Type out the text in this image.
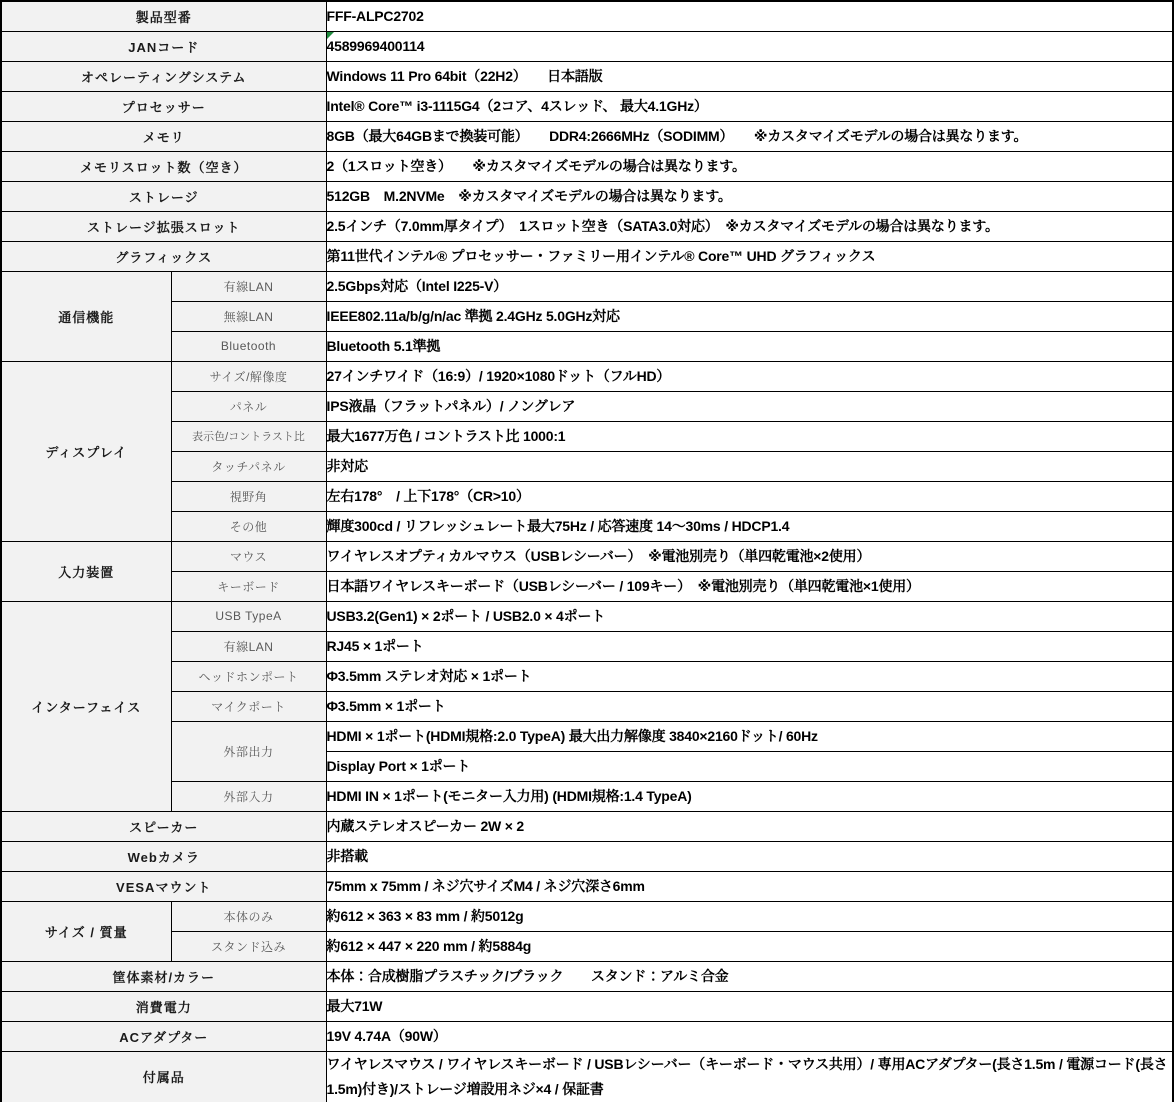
製品型番		FFF-ALPC2702
JANコード		4589969400114
オペレーティングシステム		Windows 11 Pro 64bit（22H2）　　日本語版
プロセッサー		Intel® Core™ i3-1115G4（2コア、4スレッド、 最大4.1GHz）
メモリ		8GB（最大64GBまで換装可能）　　DDR4:2666MHz（SODIMM）　　※カスタマイズモデルの場合は異なります。
メモリスロット数（空き）		2（1スロット空き）　　※カスタマイズモデルの場合は異なります。
ストレージ		512GB　M.2NVMe　※カスタマイズモデルの場合は異なります。
ストレージ拡張スロット		2.5インチ（7.0mm厚タイプ）　1スロット空き（SATA3.0対応）　※カスタマイズモデルの場合は異なります。
グラフィックス		第11世代インテル® プロセッサー・ファミリー用インテル® Core™ UHD グラフィックス
通信機能	有線LAN	2.5Gbps対応（Intel I225-V）
	無線LAN	IEEE802.11a/b/g/n/ac 準拠 2.4GHz 5.0GHz対応
	Bluetooth	Bluetooth 5.1準拠
ディスプレイ	サイズ/解像度	27インチワイド（16:9）/ 1920×1080ドット（フルHD）
	パネル	IPS液晶（フラットパネル）/ ノングレア
	表示色/コントラスト比	最大1677万色 / コントラスト比 1000:1
	タッチパネル	非対応
	視野角	左右178°　/ 上下178°（CR>10）
	その他	輝度300cd / リフレッシュレート最大75Hz / 応答速度 14～30ms / HDCP1.4
入力装置	マウス	ワイヤレスオプティカルマウス（USBレシーバー）　※電池別売り（単四乾電池×2使用）
	キーボード	日本語ワイヤレスキーボード（USBレシーバー / 109キー）　※電池別売り（単四乾電池×1使用）
インターフェイス	USB TypeA	USB3.2(Gen1) × 2ポート / USB2.0 × 4ポート
	有線LAN	RJ45 × 1ポート
	ヘッドホンポート	Φ3.5mm ステレオ対応 × 1ポート
	マイクポート	Φ3.5mm × 1ポート
	外部出力	HDMI × 1ポート(HDMI規格:2.0 TypeA) 最大出力解像度 3840×2160ドット/ 60Hz
		Display Port × 1ポート
	外部入力	HDMI IN × 1ポート(モニター入力用) (HDMI規格:1.4 TypeA)
スピーカー		内蔵ステレオスピーカー 2W × 2
Webカメラ		非搭載
VESAマウント		75mm x 75mm / ネジ穴サイズM4 / ネジ穴深さ6mm
サイズ / 質量	本体のみ	約612 × 363 × 83 mm / 約5012g
	スタンド込み	約612 × 447 × 220 mm / 約5884g
筐体素材/カラー		本体：合成樹脂プラスチック/ブラック　　スタンド：アルミ合金
消費電力		最大71W
ACアダプター		19V 4.74A（90W）
付属品		ワイヤレスマウス / ワイヤレスキーボード / USBレシーバー（キーボード・マウス共用）/ 専用ACアダプター(長さ1.5m / 電源コード(長さ1.5m)付き)/ストレージ増設用ネジ×4 / 保証書
